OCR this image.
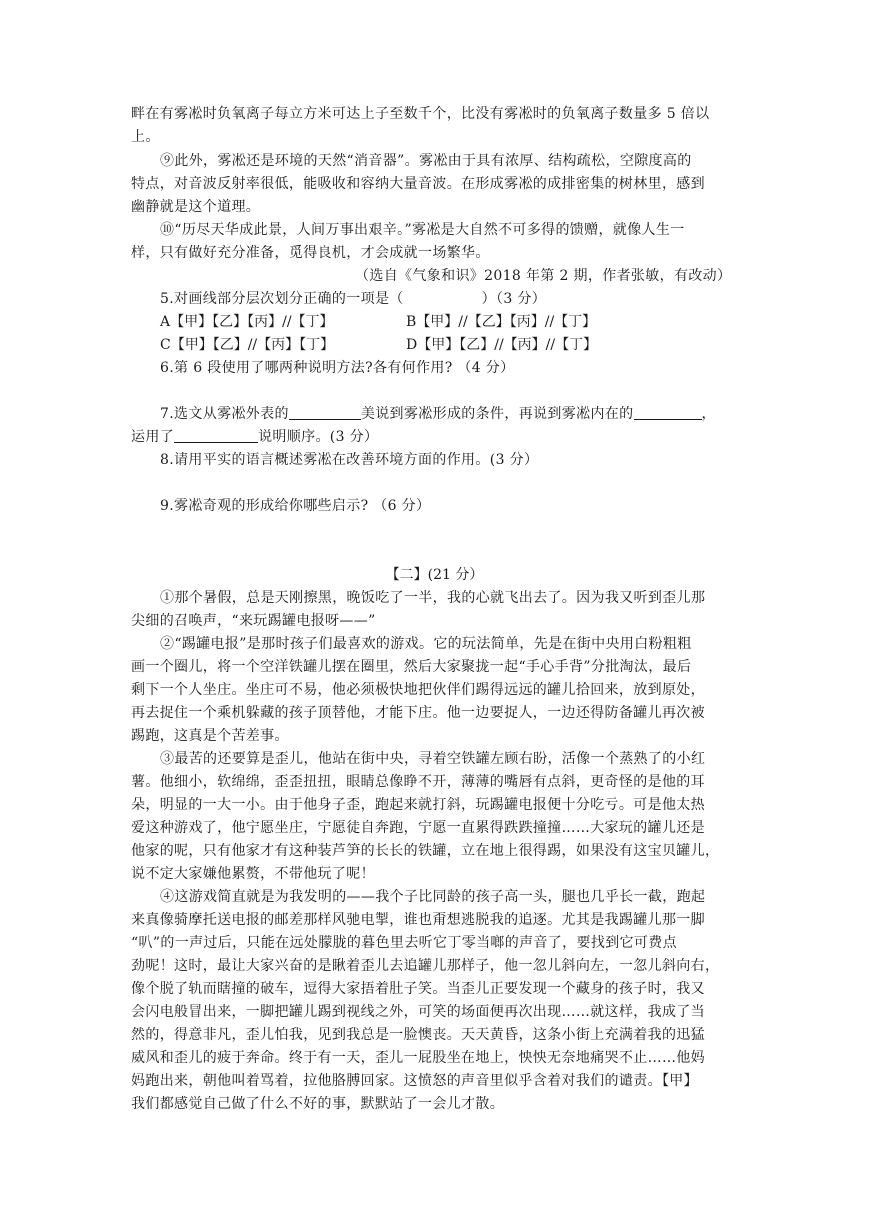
畔在有雾凇时负氧离子每立方米可达上子至数千个，比没有雾凇时的负氧离子数量多 5 倍以
上。
⑨此外，雾凇还是环境的天然“消音器”。雾凇由于具有浓厚、结构疏松，空隙度高的
特点，对音波反射率很低，能吸收和容纳大量音波。在形成雾凇的成排密集的树林里，感到
幽静就是这个道理。
⑩“历尽天华成此景，人间万事出艰辛。”雾凇是大自然不可多得的馈赠，就像人生一
样，只有做好充分准备，觅得良机，才会成就一场繁华。
（选自《气象和识》2018 年第 2 期，作者张敏，有改动）
5.对画线部分层次划分正确的一项是（	）（3 分）
A【甲】【乙】【丙】//【丁】	B【甲】//【乙】【丙】//【丁】
C【甲】【乙】//【丙】【丁】	D【甲】【乙】//【丙】//【丁】
6.第 6 段使用了哪两种说明方法?各有何作用? （4 分）
7.选文从雾凇外表的	美说到雾凇形成的条件，再说到雾凇内在的	，
运用了	说明顺序。(3 分）
8.请用平实的语言概述雾凇在改善环境方面的作用。(3 分）
9.雾凇奇观的形成给你哪些启示? （6 分）
【二】(21 分）
①那个暑假，总是天刚擦黑，晚饭吃了一半，我的心就飞出去了。因为我又听到歪儿那
尖细的召唤声，“来玩踢罐电报呀——”
②“踢罐电报”是那时孩子们最喜欢的游戏。它的玩法简单，先是在街中央用白粉粗粗
画一个圈儿，将一个空洋铁罐儿摆在圈里，然后大家聚拢一起“手心手背”分批淘汰，最后
剩下一个人坐庄。坐庄可不易，他必须极快地把伙伴们踢得远远的罐儿拾回来，放到原处，
再去捉住一个乘机躲藏的孩子顶替他，才能下庄。他一边要捉人，一边还得防备罐儿再次被
踢跑，这真是个苦差事。
③最苦的还要算是歪儿，他站在街中央，寻着空铁罐左顾右盼，活像一个蒸熟了的小红
薯。他细小，软绵绵，歪歪扭扭，眼睛总像睁不开，薄薄的嘴唇有点斜，更奇怪的是他的耳
朵，明显的一大一小。由于他身子歪，跑起来就打斜，玩踢罐电报便十分吃亏。可是他太热
爱这种游戏了，他宁愿坐庄，宁愿徒自奔跑，宁愿一直累得跌跌撞撞……大家玩的罐儿还是
他家的呢，只有他家才有这种装芦笋的长长的铁罐，立在地上很得踢，如果没有这宝贝罐儿，
说不定大家嫌他累赘，不带他玩了呢！
④这游戏简直就是为我发明的——我个子比同龄的孩子高一头，腿也几乎长一截，跑起
来真像骑摩托送电报的邮差那样风驰电掣，谁也甭想逃脱我的追逐。尤其是我踢罐儿那一脚
“叭”的一声过后，只能在远处朦胧的暮色里去听它丁零当啷的声音了，要找到它可费点
劲呢！这时，最让大家兴奋的是瞅着歪儿去追罐儿那样子，他一忽儿斜向左，一忽儿斜向右，
像个脱了轨而瞎撞的破车，逗得大家捂着肚子笑。当歪儿正要发现一个藏身的孩子时，我又
会闪电般冒出来，一脚把罐儿踢到视线之外，可笑的场面便再次出现……就这样，我成了当
然的，得意非凡，歪儿怕我，见到我总是一脸懊丧。天天黄昏，这条小街上充满着我的迅猛
威风和歪儿的疲于奔命。终于有一天，歪儿一屁股坐在地上，怏怏无奈地痛哭不止……他妈
妈跑出来，朝他叫着骂着，拉他胳膊回家。这愤怒的声音里似乎含着对我们的谴责。【甲】
我们都感觉自己做了什么不好的事，默默站了一会儿才散。
